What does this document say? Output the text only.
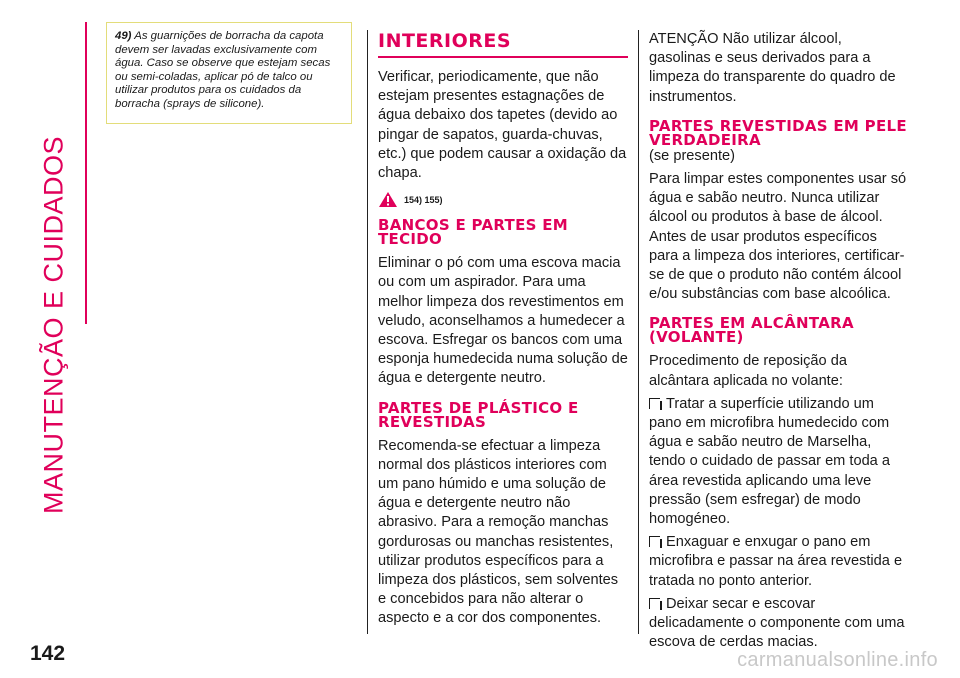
MANUTENÇÃO E CUIDADOS
142
49) As guarnições de borracha da capota devem ser lavadas exclusivamente com água. Caso se observe que estejam secas ou semi-coladas, aplicar pó de talco ou utilizar produtos para os cuidados da borracha (sprays de silicone).
INTERIORES

Verificar, periodicamente, que não estejam presentes estagnações de água debaixo dos tapetes (devido ao pingar de sapatos, guarda-chuvas, etc.) que podem causar a oxidação da chapa.

154) 155)
BANCOS E PARTES EM TECIDO

Eliminar o pó com uma escova macia ou com um aspirador. Para uma melhor limpeza dos revestimentos em veludo, aconselhamos a humedecer a escova. Esfregar os bancos com uma esponja humedecida numa solução de água e detergente neutro.

PARTES DE PLÁSTICO E REVESTIDAS

Recomenda-se efectuar a limpeza normal dos plásticos interiores com um pano húmido e uma solução de água e detergente neutro não abrasivo. Para a remoção manchas gordurosas ou manchas resistentes, utilizar produtos específicos para a limpeza dos plásticos, sem solventes e concebidos para não alterar o aspecto e a cor dos componentes.

ATENÇÃO Não utilizar álcool, gasolinas e seus derivados para a limpeza do transparente do quadro de instrumentos.

PARTES REVESTIDAS EM PELE VERDADEIRA

(se presente)

Para limpar estes componentes usar só água e sabão neutro. Nunca utilizar álcool ou produtos à base de álcool. Antes de usar produtos específicos para a limpeza dos interiores, certificar-se de que o produto não contém álcool e/ou substâncias com base alcoólica.

PARTES EM ALCÂNTARA (VOLANTE)

Procedimento de reposição da alcântara aplicada no volante:

Tratar a superfície utilizando um pano em microfibra humedecido com água e sabão neutro de Marselha, tendo o cuidado de passar em toda a área revestida aplicando uma leve pressão (sem esfregar) de modo homogéneo.

Enxaguar e enxugar o pano em microfibra e passar na área revestida e tratada no ponto anterior.

Deixar secar e escovar delicadamente o componente com uma escova de cerdas macias.

carmanualsonline.info
